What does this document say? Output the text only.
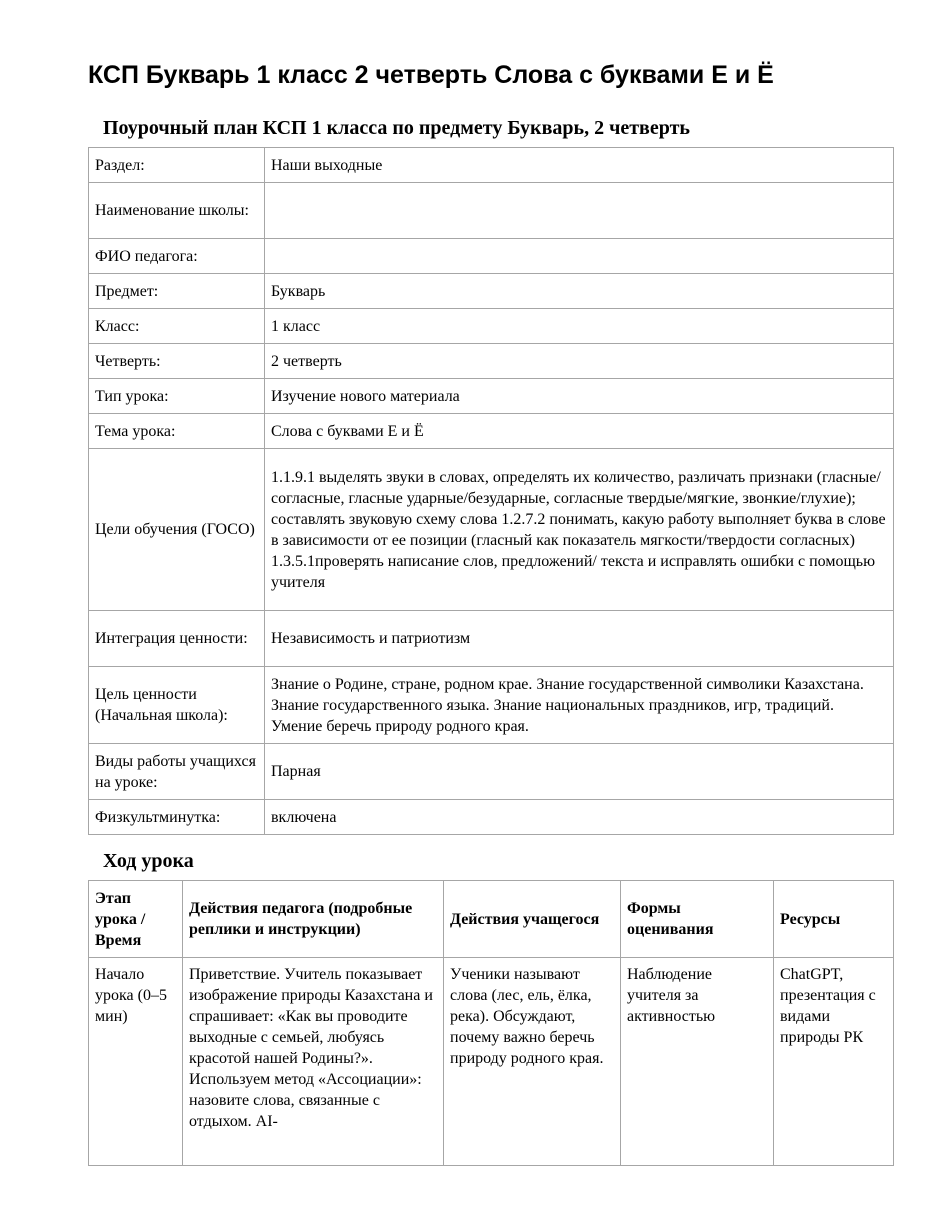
КСП Букварь 1 класс 2 четверть Слова с буквами Е и Ё
Поурочный план КСП 1 класса по предмету Букварь, 2 четверть
Раздел:	Наши выходные
Наименование школы:	
ФИО педагога:	
Предмет:	Букварь
Класс:	1 класс
Четверть:	2 четверть
Тип урока:	Изучение нового материала
Тема урока:	Слова с буквами Е и Ё
Цели обучения (ГОСО)	1.1.9.1 выделять звуки в словах, определять их количество, различать признаки (гласные/ согласные, гласные ударные/безударные, согласные твердые/мягкие, звонкие/глухие); составлять звуковую схему слова 1.2.7.2 понимать, какую работу выполняет буква в слове в зависимости от ее позиции (гласный как показатель мягкости/твердости согласных)
1.3.5.1проверять написание слов, предложений/ текста и исправлять ошибки с помощью учителя

Интеграция ценности:	Независимость и патриотизм
Цель ценности (Начальная школа):	Знание о Родине, стране, родном крае. Знание государственной символики Казахстана. Знание государственного языка. Знание национальных праздников, игр, традиций. Умение беречь природу родного края.
Виды работы учащихся на уроке:	Парная
Физкультминутка:	включена
Ход урока
Этап урока / Время	Действия педагога (подробные реплики и инструкции)	Действия учащегося	Формы оценивания	Ресурсы

Начало урока (0–5 мин)	Приветствие. Учитель показывает изображение природы Казахстана и спрашивает: «Как вы проводите выходные с семьей, любуясь красотой нашей Родины?». Используем метод «Ассоциации»: назовите слова, связанные с отдыхом. AI-	Ученики называют слова (лес, ель, ёлка, река). Обсуждают, почему важно беречь природу родного края.	Наблюдение учителя за активностью	ChatGPT, презентация с видами природы РК
